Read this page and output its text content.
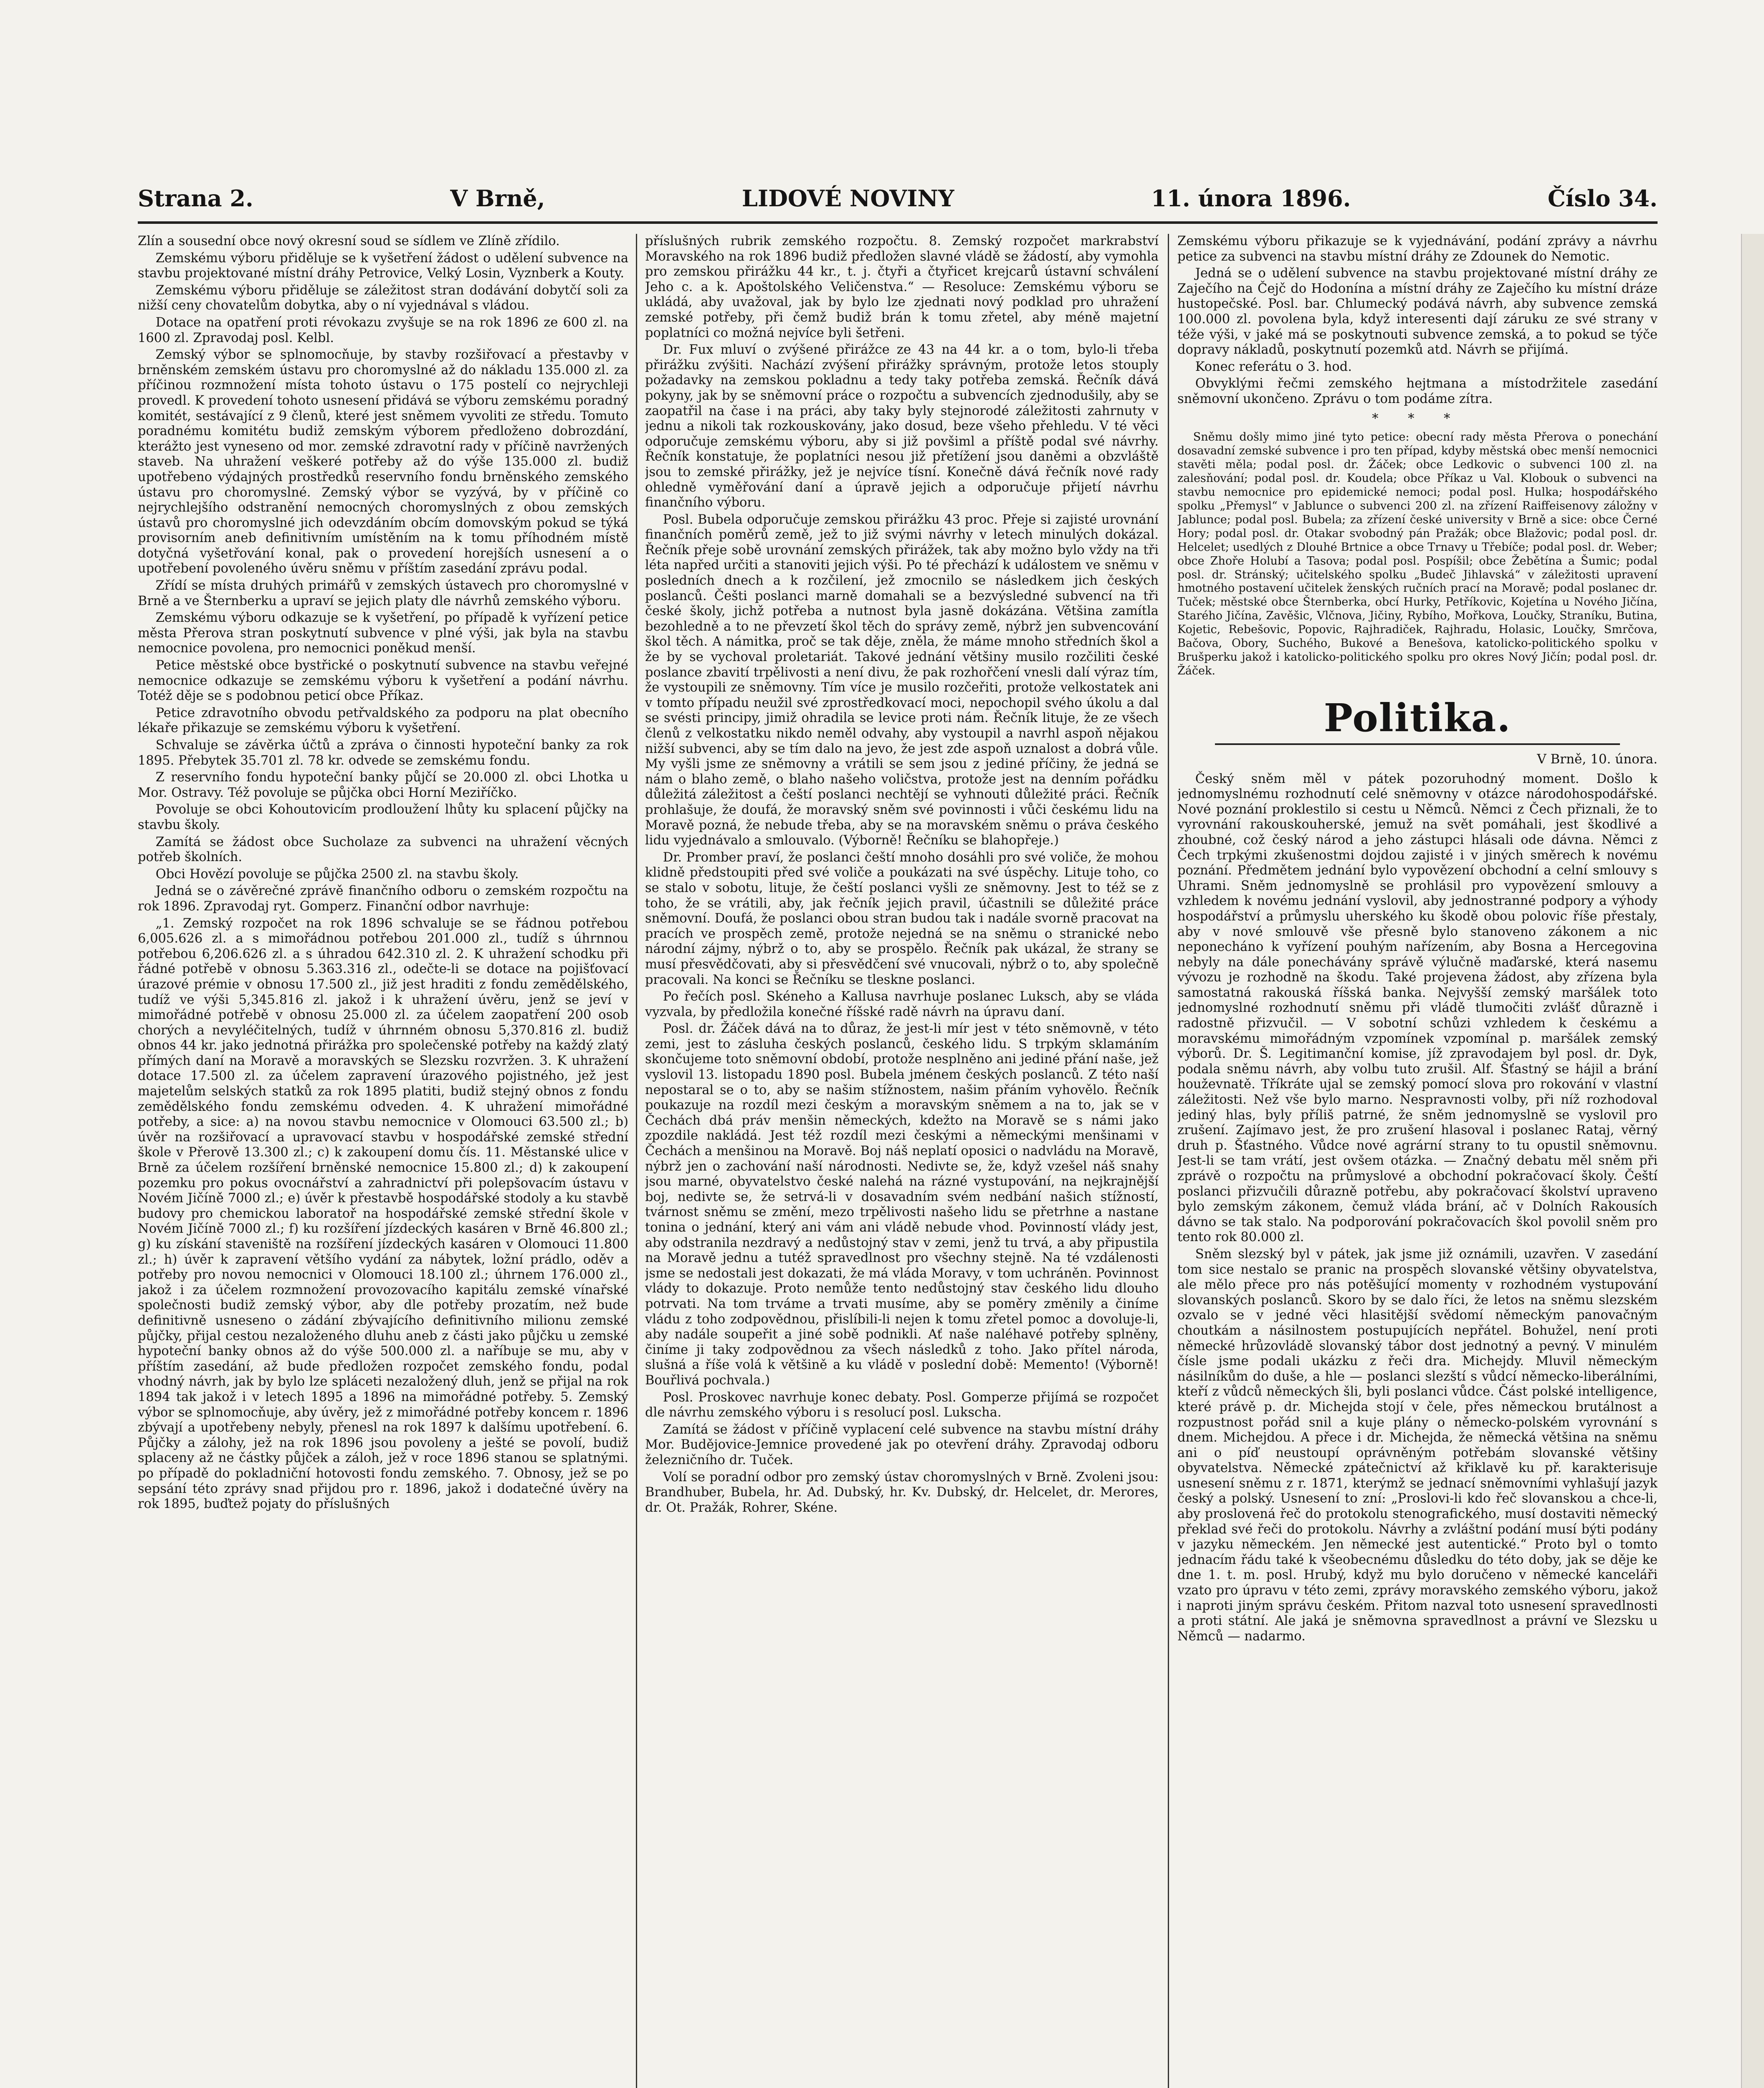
Strana 2.	V Brně,	LIDOVÉ NOVINY	11. února 1896.	Číslo 34.

Zlín a sousední obce nový okresní soud se sídlem ve Zlíně zřídilo.

Zemskému výboru přiděluje se k vyšetření žádost o udělení subvence na stavbu projektované místní dráhy Petrovice, Velký Losin, Vyznberk a Kouty.

Zemskému výboru přiděluje se záležitost stran dodávání dobytčí soli za nižší ceny chovatelům dobytka, aby o ní vyjednával s vládou.

Dotace na opatření proti révokazu zvyšuje se na rok 1896 ze 600 zl. na 1600 zl. Zpravodaj posl. Kelbl.

Zemský výbor se splnomocňuje, by stavby rozšiřovací a přestavby v brněnském zemském ústavu pro choromyslné až do nákladu 135.000 zl. za příčinou rozmnožení místa tohoto ústavu o 175 postelí co nejrychleji provedl. K provedení tohoto usnesení přidává se výboru zemskému poradný komitét, sestávající z 9 členů, které jest sněmem vyvoliti ze středu. Tomuto poradnému komitétu budiž zemským výborem předloženo dobrozdání, kterážto jest vyneseno od mor. zemské zdravotní rady v příčině navržených staveb. Na uhražení veškeré potřeby až do výše 135.000 zl. budiž upotřebeno výdajných prostředků reservního fondu brněnského zemského ústavu pro choromyslné. Zemský výbor se vyzývá, by v příčině co nejrychlejšího odstranění nemocných choromyslných z obou zemských ústavů pro choromyslné jich odevzdáním obcím domovským pokud se týká provisorním aneb definitivním umístěním na k tomu příhodném místě dotyčná vyšetřování konal, pak o provedení horejších usnesení a o upotřebení povoleného úvěru sněmu v příštím zasedání zprávu podal.

Zřídí se místa druhých primářů v zemských ústavech pro choromyslné v Brně a ve Šternberku a upraví se jejich platy dle návrhů zemského výboru.

Zemskému výboru odkazuje se k vyšetření, po případě k vyřízení petice města Přerova stran poskytnutí subvence v plné výši, jak byla na stavbu nemocnice povolena, pro nemocnici poněkud menší.

Petice městské obce bystřické o poskytnutí subvence na stavbu veřejné nemocnice odkazuje se zemskému výboru k vyšetření a podání návrhu. Totéž děje se s podobnou peticí obce Příkaz.

Petice zdravotního obvodu petřvaldského za podporu na plat obecního lékaře přikazuje se zemskému výboru k vyšetření.

Schvaluje se závěrka účtů a zpráva o činnosti hypoteční banky za rok 1895. Přebytek 35.701 zl. 78 kr. odvede se zemskému fondu.

Z reservního fondu hypoteční banky půjčí se 20.000 zl. obci Lhotka u Mor. Ostravy. Též povoluje se půjčka obci Horní Meziříčko.

Povoluje se obci Kohoutovicím prodloužení lhůty ku splacení půjčky na stavbu školy.

Zamítá se žádost obce Sucholaze za subvenci na uhražení věcných potřeb školních.

Obci Hovězí povoluje se půjčka 2500 zl. na stavbu školy.

Jedná se o závěrečné zprávě finančního odboru o zemském rozpočtu na rok 1896. Zpravodaj ryt. Gomperz. Finanční odbor navrhuje:

„1. Zemský rozpočet na rok 1896 schvaluje se se řádnou potřebou 6,005.626 zl. a s mimořádnou potřebou 201.000 zl., tudíž s úhrnnou potřebou 6,206.626 zl. a s úhradou 642.310 zl. 2. K uhražení schodku při řádné potřebě v obnosu 5.363.316 zl., odečte-li se dotace na pojišťovací úrazové prémie v obnosu 17.500 zl., již jest hraditi z fondu zemědělského, tudíž ve výši 5,345.816 zl. jakož i k uhražení úvěru, jenž se jeví v mimořádné potřebě v obnosu 25.000 zl. za účelem zaopatření 200 osob chorých a nevyléčitelných, tudíž v úhrnném obnosu 5,370.816 zl. budiž obnos 44 kr. jako jednotná přirážka pro společenské potřeby na každý zlatý přímých daní na Moravě a moravských se Slezsku rozvržen. 3. K uhražení dotace 17.500 zl. za účelem zapravení úrazového pojistného, jež jest majetelům selských statků za rok 1895 platiti, budiž stejný obnos z fondu zemědělského fondu zemskému odveden. 4. K uhražení mimořádné potřeby, a sice: a) na novou stavbu nemocnice v Olomouci 63.500 zl.; b) úvěr na rozšiřovací a upravovací stavbu v hospodářské zemské střední škole v Přerově 13.300 zl.; c) k zakoupení domu čís. 11. Městanské ulice v Brně za účelem rozšíření brněnské nemocnice 15.800 zl.; d) k zakoupení pozemku pro pokus ovocnářství a zahradnictví při polepšovacím ústavu v Novém Jičíně 7000 zl.; e) úvěr k přestavbě hospodářské stodoly a ku stavbě budovy pro chemickou laboratoř na hospodářské zemské střední škole v Novém Jičíně 7000 zl.; f) ku rozšíření jízdeckých kasáren v Brně 46.800 zl.; g) ku získání staveniště na rozšíření jízdeckých kasáren v Olomouci 11.800 zl.; h) úvěr k zapravení většího vydání za nábytek, ložní prádlo, oděv a potřeby pro novou nemocnici v Olomouci 18.100 zl.; úhrnem 176.000 zl., jakož i za účelem rozmnožení provozovacího kapitálu zemské vínařské společnosti budiž zemský výbor, aby dle potřeby prozatím, než bude definitivně usneseno o zádání zbývajícího definitivního milionu zemské půjčky, přijal cestou nezaloženého dluhu aneb z části jako půjčku u zemské hypoteční banky obnos až do výše 500.000 zl. a naříbuje se mu, aby v příštím zasedání, až bude předložen rozpočet zemského fondu, podal vhodný návrh, jak by bylo lze spláceti nezaložený dluh, jenž se přijal na rok 1894 tak jakož i v letech 1895 a 1896 na mimořádné potřeby. 5. Zemský výbor se splnomocňuje, aby úvěry, jež z mimořádné potřeby koncem r. 1896 zbývají a upotřebeny nebyly, přenesl na rok 1897 k dalšímu upotřebení. 6. Půjčky a zálohy, jež na rok 1896 jsou povoleny a ješté se povolí, budiž splaceny až ne částky půjček a záloh, jež v roce 1896 stanou se splatnými. po případě do pokladniční hotovosti fondu zemského. 7. Obnosy, jež se po sepsání této zprávy snad přijdou pro r. 1896, jakož i dodatečné úvěry na rok 1895, buďtež pojaty do příslušných

příslušných rubrik zemského rozpočtu. 8. Zemský rozpočet markrabství Moravského na rok 1896 budiž předložen slavné vládě se žádostí, aby vymohla pro zemskou přirážku 44 kr., t. j. čtyři a čtyřicet krejcarů ústavní schválení Jeho c. a k. Apoštolského Veličenstva.“ — Resoluce: Zemskému výboru se ukládá, aby uvažoval, jak by bylo lze zjednati nový podklad pro uhražení zemské potřeby, při čemž budiž brán k tomu zřetel, aby méně majetní poplatníci co možná nejvíce byli šetřeni.

Dr. Fux mluví o zvýšené přirážce ze 43 na 44 kr. a o tom, bylo-li třeba přirážku zvýšiti. Nachází zvýšení přirážky správným, protože letos stouply požadavky na zemskou pokladnu a tedy taky potřeba zemská. Řečník dává pokyny, jak by se sněmovní práce o rozpočtu a subvencích zjednodušily, aby se zaopatřil na čase i na práci, aby taky byly stejnorodé záležitosti zahrnuty v jednu a nikoli tak rozkouskovány, jako dosud, beze všeho přehledu. V té věci odporučuje zemskému výboru, aby si již povšiml a příště podal své návrhy. Řečník konstatuje, že poplatníci nesou již přetížení jsou daněmi a obzvláště jsou to zemské přirážky, jež je nejvíce tísní. Konečně dává řečník nové rady ohledně vyměřování daní a úpravě jejich a odporučuje přijetí návrhu finančního výboru.

Posl. Bubela odporučuje zemskou přirážku 43 proc. Přeje si zajisté urovnání finančních poměrů země, jež to již svými návrhy v letech minulých dokázal. Řečník přeje sobě urovnání zemských přirážek, tak aby možno bylo vždy na tři léta napřed určiti a stanoviti jejich výši. Po té přechází k událostem ve sněmu v posledních dnech a k rozčilení, jež zmocnilo se následkem jich českých poslanců. Češti poslanci marně domahali se a bezvýsledné subvencí na tři české školy, jichž potřeba a nutnost byla jasně dokázána. Většina zamítla bezohledně a to ne převzetí škol těch do správy země, nýbrž jen subvencování škol těch. A námitka, proč se tak děje, zněla, že máme mnoho středních škol a že by se vychoval proletariát. Takové jednání většiny musilo rozčiliti české poslance zbavití trpělivosti a není divu, že pak rozhořčení vnesli dalí výraz tím, že vystoupili ze sněmovny. Tím více je musilo rozčeřiti, protože velkostatek ani v tomto případu neužil své zprostředkovací moci, nepochopil svého úkolu a dal se svésti principy, jimiž ohradila se levice proti nám. Řečník lituje, že ze všech členů z velkostatku nikdo neměl odvahy, aby vystoupil a navrhl aspoň nějakou nižší subvenci, aby se tím dalo na jevo, že jest zde aspoň uznalost a dobrá vůle. My vyšli jsme ze sněmovny a vrátili se sem jsou z jediné příčiny, že jedná se nám o blaho země, o blaho našeho voličstva, protože jest na denním pořádku důležitá záležitost a čeští poslanci nechtějí se vyhnouti důležité práci. Řečník prohlašuje, že doufá, že moravský sněm své povinnosti i vůči českému lidu na Moravě pozná, že nebude třeba, aby se na moravském sněmu o práva českého lidu vyjednávalo a smlouvalo. (Výborně! Řečníku se blahopřeje.)

Dr. Promber praví, že poslanci čeští mnoho dosáhli pro své voliče, že mohou klidně předstoupiti před své voliče a poukázati na své úspěchy. Lituje toho, co se stalo v sobotu, lituje, že čeští poslanci vyšli ze sněmovny. Jest to též se z toho, že se vrátili, aby, jak řečník jejich pravil, účastnili se důležité práce sněmovní. Doufá, že poslanci obou stran budou tak i nadále svorně pracovat na pracích ve prospěch země, protože nejedná se na sněmu o stranické nebo národní zájmy, nýbrž o to, aby se prospělo. Řečník pak ukázal, že strany se musí přesvědčovati, aby si přesvědčení své vnucovali, nýbrž o to, aby společně pracovali. Na konci se Řečníku se tleskne poslanci.

Po řečích posl. Skéneho a Kallusa navrhuje poslanec Luksch, aby se vláda vyzvala, by předložila konečné říšské radě návrh na úpravu daní.

Posl. dr. Žáček dává na to důraz, že jest-li mír jest v této sněmovně, v této zemi, jest to zásluha českých poslanců, českého lidu. S trpkým sklamáním skončujeme toto sněmovní období, protože nesplněno ani jediné přání naše, jež vyslovil 13. listopadu 1890 posl. Bubela jménem českých poslanců. Z této naší nepostaral se o to, aby se našim stížnostem, našim přáním vyhovělo. Řečník poukazuje na rozdíl mezi českým a moravským sněmem a na to, jak se v Čechách dbá práv menšin německých, kdežto na Moravě se s námi jako zpozdile nakládá. Jest též rozdíl mezi českými a německými menšinami v Čechách a menšinou na Moravě. Boj náš neplatí oposici o nadvládu na Moravě, nýbrž jen o zachování naší národnosti. Nedivte se, že, když vzešel náš snahy jsou marné, obyvatelstvo české nalehá na rázné vystupování, na nejkrajnější boj, nedivte se, že setrvá-li v dosavadním svém nedbání našich stížností, tvárnost sněmu se změní, mezo trpělivosti našeho lidu se přetrhne a nastane tonina o jednání, který ani vám ani vládě nebude vhod. Povinností vlády jest, aby odstranila nezdravý a nedůstojný stav v zemi, jenž tu trvá, a aby připustila na Moravě jednu a tutéž spravedlnost pro všechny stejně. Na té vzdálenosti jsme se nedostali jest dokazati, že má vláda Moravy, v tom uchráněn. Povinnost vlády to dokazuje. Proto nemůže tento nedůstojný stav českého lidu dlouho potrvati. Na tom trváme a trvati musíme, aby se poměry změnily a činíme vládu z toho zodpovědnou, přislíbili-li nejen k tomu zřetel pomoc a dovoluje-li, aby nadále soupeřit a jiné sobě podnikli. Ať naše naléhavé potřeby splněny, činíme ji taky zodpovědnou za všech následků z toho. Jako přítel národa, slušná a říše volá k většině a ku vládě v poslední době: Memento! (Výborně! Bouřlivá pochvala.)

Posl. Proskovec navrhuje konec debaty. Posl. Gomperze přijímá se rozpočet dle návrhu zemského výboru i s resolucí posl. Lukscha.

Zamítá se žádost v příčině vyplacení celé subvence na stavbu místní dráhy Mor. Budějovice-Jemnice provedené jak po otevření dráhy. Zpravodaj odboru železničního dr. Tuček.

Volí se poradní odbor pro zemský ústav choromyslných v Brně. Zvoleni jsou: Brandhuber, Bubela, hr. Ad. Dubský, hr. Kv. Dubský, dr. Helcelet, dr. Merores, dr. Ot. Pražák, Rohrer, Skéne.

Zemskému výboru přikazuje se k vyjednávání, podání zprávy a návrhu petice za subvenci na stavbu místní dráhy ze Zdounek do Nemotic.

Jedná se o udělení subvence na stavbu projektované místní dráhy ze Zaječího na Čejč do Hodonína a místní dráhy ze Zaječího ku místní dráze hustopečské. Posl. bar. Chlumecký podává návrh, aby subvence zemská 100.000 zl. povolena byla, když interesenti dají záruku ze své strany v téže výši, v jaké má se poskytnouti subvence zemská, a to pokud se týče dopravy nákladů, poskytnutí pozemků atd. Návrh se přijímá.

Konec referátu o 3. hod.

Obvyklými řečmi zemského hejtmana a místodržitele zasedání sněmovní ukončeno. Zprávu o tom podáme zítra.

* * *

Sněmu došly mimo jiné tyto petice: obecní rady města Přerova o ponechání dosavadní zemské subvence i pro ten případ, kdyby městská obec menší nemocnici stavěti měla; podal posl. dr. Žáček; obce Ledkovic o subvenci 100 zl. na zalesňování; podal posl. dr. Koudela; obce Příkaz u Val. Klobouk o subvenci na stavbu nemocnice pro epidemické nemoci; podal posl. Hulka; hospodářského spolku „Přemysl“ v Jablunce o subvenci 200 zl. na zřízení Raiffeisenovy záložny v Jablunce; podal posl. Bubela; za zřízení české university v Brně a sice: obce Černé Hory; podal posl. dr. Otakar svobodný pán Pražák; obce Blažovic; podal posl. dr. Helcelet; usedlých z Dlouhé Brtnice a obce Trnavy u Třebíče; podal posl. dr. Weber; obce Zhoře Holubí a Tasova; podal posl. Pospíšil; obce Žebětína a Šumic; podal posl. dr. Stránský; učitelského spolku „Budeč Jihlavská“ v záležitosti upravení hmotného postavení učitelek ženských ručních prací na Moravě; podal poslanec dr. Tuček; městské obce Šternberka, obcí Hurky, Petříkovic, Kojetína u Nového Jičína, Starého Jičína, Zavěšic, Vlčnova, Jičiny, Rybího, Mořkova, Loučky, Straníku, Butina, Kojetic, Rebešovic, Popovic, Rajhradiček, Rajhradu, Holasic, Loučky, Smrčova, Bačova, Obory, Suchého, Bukové a Benešova, katolicko-politického spolku v Brušperku jakož i katolicko-politického spolku pro okres Nový Jičín; podal posl. dr. Žáček.

Politika.

V Brně, 10. února.

Český sněm měl v pátek pozoruhodný moment. Došlo k jednomyslnému rozhodnutí celé sněmovny v otázce národohospodářské. Nové poznání proklestilo si cestu u Němců. Němci z Čech přiznali, že to vyrovnání rakouskouherské, jemuž na svět pomáhali, jest škodlivé a zhoubné, což český národ a jeho zástupci hlásali ode dávna. Němci z Čech trpkými zkušenostmi dojdou zajisté i v jiných směrech k novému poznání. Předmětem jednání bylo vypovězení obchodní a celní smlouvy s Uhrami. Sněm jednomyslně se prohlásil pro vypovězení smlouvy a vzhledem k novému jednání vyslovil, aby jednostranné podpory a výhody hospodářství a průmyslu uherského ku škodě obou polovic říše přestaly, aby v nové smlouvě vše přesně bylo stanoveno zákonem a nic neponecháno k vyřízení pouhým nařízením, aby Bosna a Hercegovina nebyly na dále ponechávány správě výlučně maďarské, která nasemu vývozu je rozhodně na škodu. Také projevena žádost, aby zřízena byla samostatná rakouská říšská banka. Nejvyšší zemský maršálek toto jednomyslné rozhodnutí sněmu při vládě tlumočiti zvlášť důrazně i radostně přizvučil. — V sobotní schůzi vzhledem k českému a moravskému mimořádným vzpomínek vzpomínal p. maršálek zemský výborů. Dr. Š. Legitimanční komise, jíž zpravodajem byl posl. dr. Dyk, podala sněmu návrh, aby volbu tuto zrušil. Alf. Šťastný se hájil a brání houževnatě. Tříkráte ujal se zemský pomocí slova pro rokování v vlastní záležitosti. Než vše bylo marno. Nespravnosti volby, při níž rozhodoval jediný hlas, byly příliš patrné, že sněm jednomyslně se vyslovil pro zrušení. Zajímavo jest, že pro zrušení hlasoval i poslanec Rataj, věrný druh p. Šťastného. Vůdce nové agrární strany to tu opustil sněmovnu. Jest-li se tam vrátí, jest ovšem otázka. — Značný debatu měl sněm při zprávě o rozpočtu na průmyslové a obchodní pokračovací školy. Čeští poslanci přizvučili důrazně potřebu, aby pokračovací školství upraveno bylo zemským zákonem, čemuž vláda brání, ač v Dolních Rakousích dávno se tak stalo. Na podporování pokračovacích škol povolil sněm pro tento rok 80.000 zl.

Sněm slezský byl v pátek, jak jsme již oznámili, uzavřen. V zasedání tom sice nestalo se pranic na prospěch slovanské většiny obyvatelstva, ale mělo přece pro nás potěšující momenty v rozhodném vystupování slovanských poslanců. Skoro by se dalo říci, že letos na sněmu slezském ozvalo se v jedné věci hlasitější svědomí německým panovačným choutkám a násilnostem postupujících nepřátel. Bohužel, není proti německé hrůzovládě slovanský tábor dost jednotný a pevný. V minulém čísle jsme podali ukázku z řeči dra. Michejdy. Mluvil německým násilníkům do duše, a hle — poslanci slezští s vůdcí německo-liberálními, kteří z vůdců německých šli, byli poslanci vůdce. Část polské intelligence, které právě p. dr. Michejda stojí v čele, přes německou brutálnost a rozpustnost pořád snil a kuje plány o německo-polském vyrovnání s dnem. Michejdou. A přece i dr. Michejda, že německá většina na sněmu ani o píď neustoupí oprávněným potřebám slovanské většiny obyvatelstva. Německé zpátečnictví až křiklavě ku př. karakterisuje usnesení sněmu z r. 1871, kterýmž se jednací sněmovními vyhlašují jazyk český a polský. Usnesení to zní: „Proslovi-li kdo řeč slovanskou a chce-li, aby proslovená řeč do protokolu stenografického, musí dostaviti německý překlad své řeči do protokolu. Návrhy a zvláštní podání musí býti podány v jazyku německém. Jen německé jest autentické.“ Proto byl o tomto jednacím řádu také k všeobecnému důsledku do této doby, jak se děje ke dne 1. t. m. posl. Hrubý, když mu bylo doručeno v německé kanceláři vzato pro úpravu v této zemi, zprávy moravského zemského výboru, jakož i naproti jiným správu českém. Přitom nazval toto usnesení spravedlnosti a proti státní. Ale jaká je sněmovna spravedlnost a právní ve Slezsku u Němců — nadarmo.
